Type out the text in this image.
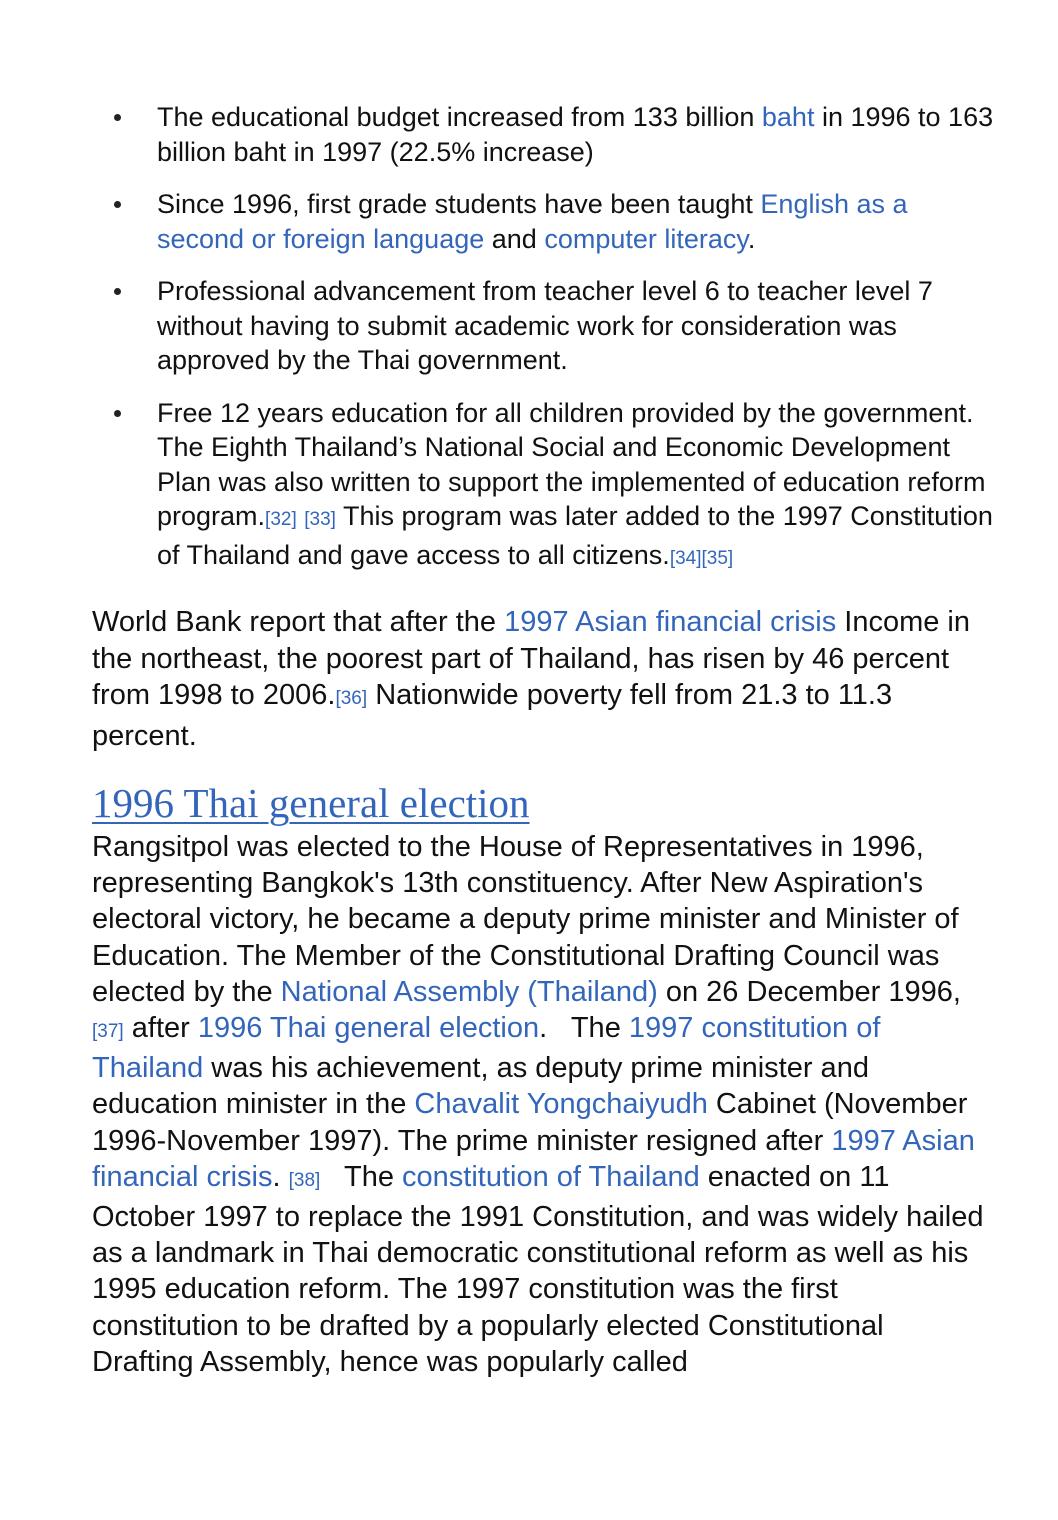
The educational budget increased from 133 billion baht in 1996 to 163 billion baht in 1997 (22.5% increase)
Since 1996, first grade students have been taught English as a second or foreign language and computer literacy.
Professional advancement from teacher level 6 to teacher level 7 without having to submit academic work for consideration was approved by the Thai government.
Free 12 years education for all children provided by the government. The Eighth Thailand’s National Social and Economic Development Plan was also written to support the implemented of education reform program.[32] [33] This program was later added to the 1997 Constitution of Thailand and gave access to all citizens.[34][35]

World Bank report that after the 1997 Asian financial crisis Income in the northeast, the poorest part of Thailand, has risen by 46 percent from 1998 to 2006.[36] Nationwide poverty fell from 21.3 to 11.3 percent.

1996 Thai general election

Rangsitpol was elected to the House of Representatives in 1996, representing Bangkok's 13th constituency. After New Aspiration's electoral victory, he became a deputy prime minister and Minister of Education. The Member of the Constitutional Drafting Council was elected by the National Assembly (Thailand) on 26 December 1996,[37] after 1996 Thai general election.   The 1997 constitution of Thailand was his achievement, as deputy prime minister and education minister in the Chavalit Yongchaiyudh Cabinet (November 1996-November 1997). The prime minister resigned after 1997 Asian financial crisis. [38]   The constitution of Thailand enacted on 11 October 1997 to replace the 1991 Constitution, and was widely hailed as a landmark in Thai democratic constitutional reform as well as his 1995 education reform. The 1997 constitution was the first constitution to be drafted by a popularly elected Constitutional Drafting Assembly, hence was popularly called
